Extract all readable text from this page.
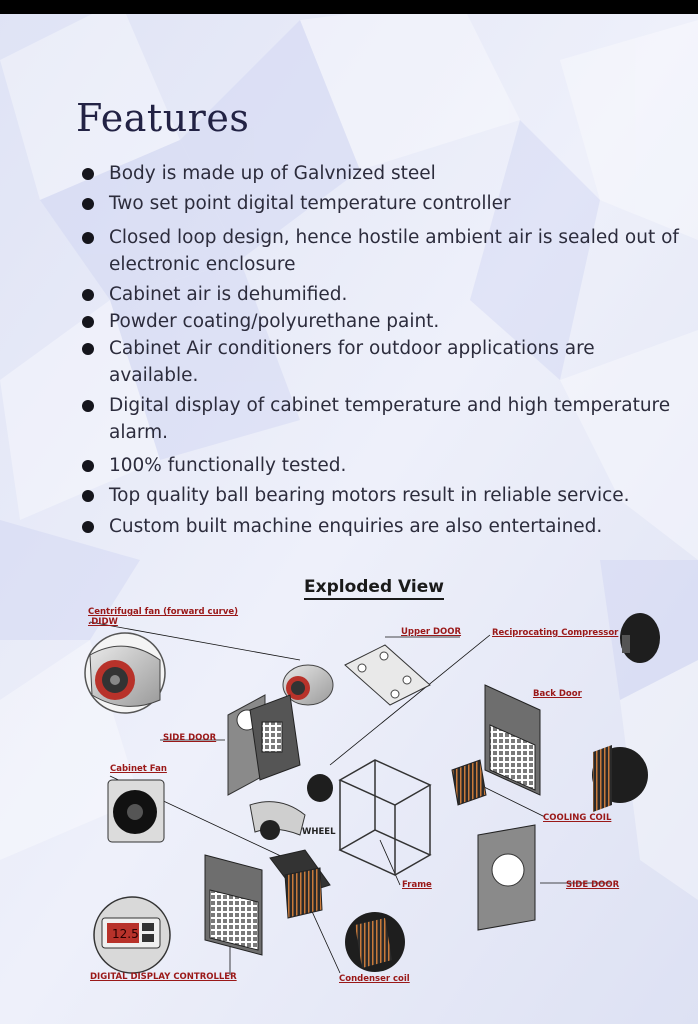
Features
Body is made up of Galvnized steel
Two set point digital temperature controller
Closed loop design, hence hostile ambient air is sealed out of electronic enclosure
Cabinet air is dehumified.
Powder coating/polyurethane paint.
Cabinet Air conditioners for outdoor applications are available.
Digital display of cabinet temperature and high temperature alarm.
100% functionally tested.
Top quality ball bearing motors result in reliable service.
Custom built machine enquiries are also entertained.
Exploded View
12.5
Centrifugal fan (forward curve) .DIDW
Upper DOOR	Reciprocating Compressor
Back Door
SIDE DOOR
Cabinet Fan
COOLING COIL
WHEEL
Frame	SIDE DOOR
DIGITAL DISPLAY CONTROLLER	Condenser coil
